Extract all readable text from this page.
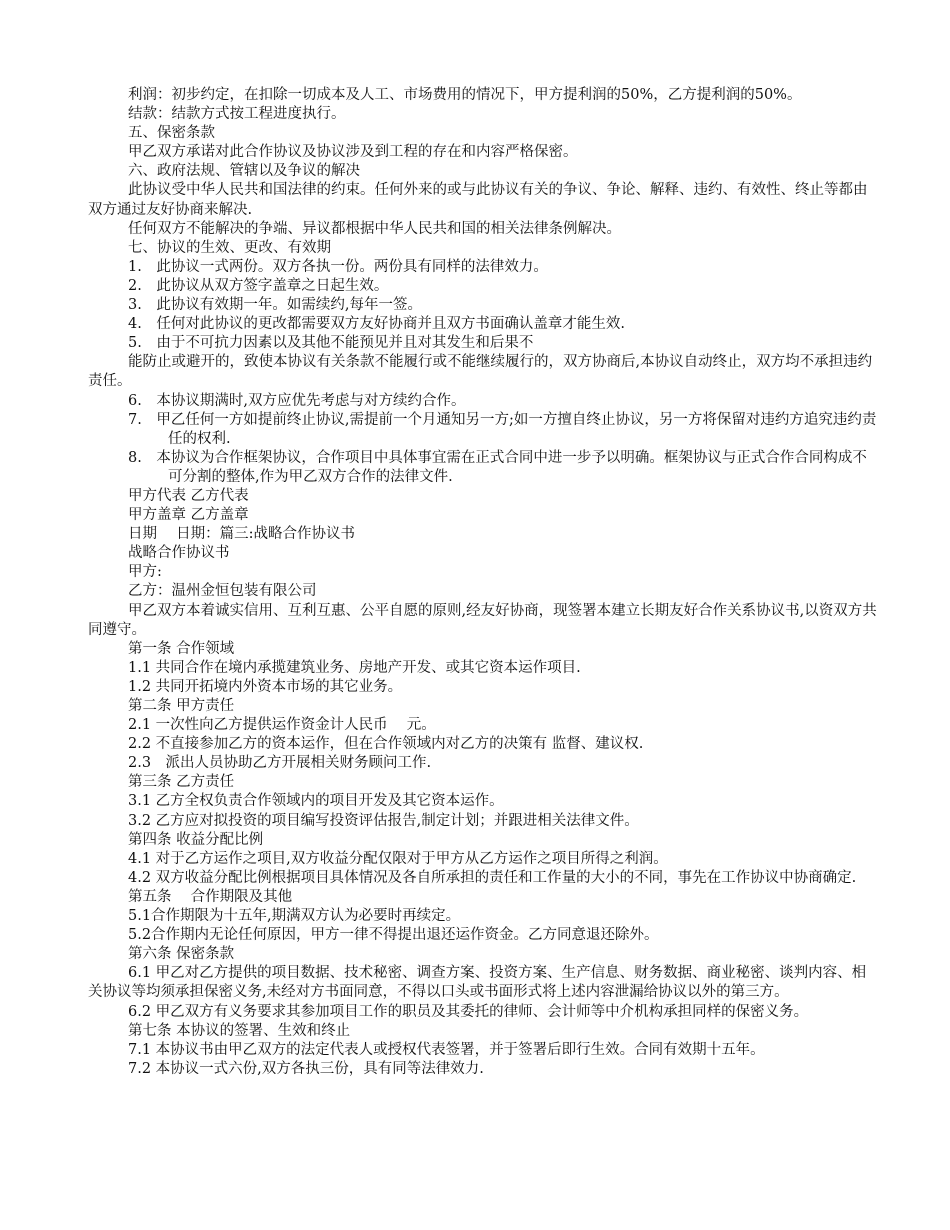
利润：初步约定，在扣除一切成本及人工、市场费用的情况下，甲方提利润的50%，乙方提利润的50%。

结款：结款方式按工程进度执行。

五、保密条款

甲乙双方承诺对此合作协议及协议涉及到工程的存在和内容严格保密。

六、政府法规、管辖以及争议的解决

此协议受中华人民共和国法律的约束。任何外来的或与此协议有关的争议、争论、解释、违约、有效性、终止等都由双方通过友好协商来解决.

任何双方不能解决的争端、异议都根据中华人民共和国的相关法律条例解决。

七、协议的生效、更改、有效期

1.　此协议一式两份。双方各执一份。两份具有同样的法律效力。

2.　此协议从双方签字盖章之日起生效。

3.　此协议有效期一年。如需续约,每年一签。

4.　任何对此协议的更改都需要双方友好协商并且双方书面确认盖章才能生效.

5.　由于不可抗力因素以及其他不能预见并且对其发生和后果不

能防止或避开的，致使本协议有关条款不能履行或不能继续履行的，双方协商后,本协议自动终止，双方均不承担违约责任。

6.　本协议期满时,双方应优先考虑与对方续约合作。

7.　甲乙任何一方如提前终止协议,需提前一个月通知另一方;如一方擅自终止协议，另一方将保留对违约方追究违约责任的权利.

8.　本协议为合作框架协议，合作项目中具体事宜需在正式合同中进一步予以明确。框架协议与正式合作合同构成不可分割的整体,作为甲乙双方合作的法律文件.

甲方代表 乙方代表

甲方盖章 乙方盖章

日期　 日期：篇三:战略合作协议书

战略合作协议书

甲方:

乙方：温州金恒包装有限公司

甲乙双方本着诚实信用、互利互惠、公平自愿的原则,经友好协商，现签署本建立长期友好合作关系协议书,以资双方共同遵守。

第一条 合作领域

1.1 共同合作在境内承揽建筑业务、房地产开发、或其它资本运作项目.

1.2 共同开拓境内外资本市场的其它业务。

第二条 甲方责任

2.1 一次性向乙方提供运作资金计人民币　 元。

2.2 不直接参加乙方的资本运作，但在合作领域内对乙方的决策有 监督、建议权.

2.3　派出人员协助乙方开展相关财务顾问工作.

第三条 乙方责任

3.1 乙方全权负责合作领域内的项目开发及其它资本运作。

3.2 乙方应对拟投资的项目编写投资评估报告,制定计划；并跟进相关法律文件。

第四条 收益分配比例

4.1 对于乙方运作之项目,双方收益分配仅限对于甲方从乙方运作之项目所得之利润。

4.2 双方收益分配比例根据项目具体情况及各自所承担的责任和工作量的大小的不同，事先在工作协议中协商确定.

第五条　 合作期限及其他

5.1合作期限为十五年,期满双方认为必要时再续定。

5.2合作期内无论任何原因，甲方一律不得提出退还运作资金。乙方同意退还除外。

第六条 保密条款

6.1 甲乙对乙方提供的项目数据、技术秘密、调查方案、投资方案、生产信息、财务数据、商业秘密、谈判内容、相关协议等均须承担保密义务,未经对方书面同意，不得以口头或书面形式将上述内容泄漏给协议以外的第三方。

6.2 甲乙双方有义务要求其参加项目工作的职员及其委托的律师、会计师等中介机构承担同样的保密义务。

第七条 本协议的签署、生效和终止

7.1 本协议书由甲乙双方的法定代表人或授权代表签署，并于签署后即行生效。合同有效期十五年。

7.2 本协议一式六份,双方各执三份，具有同等法律效力.
